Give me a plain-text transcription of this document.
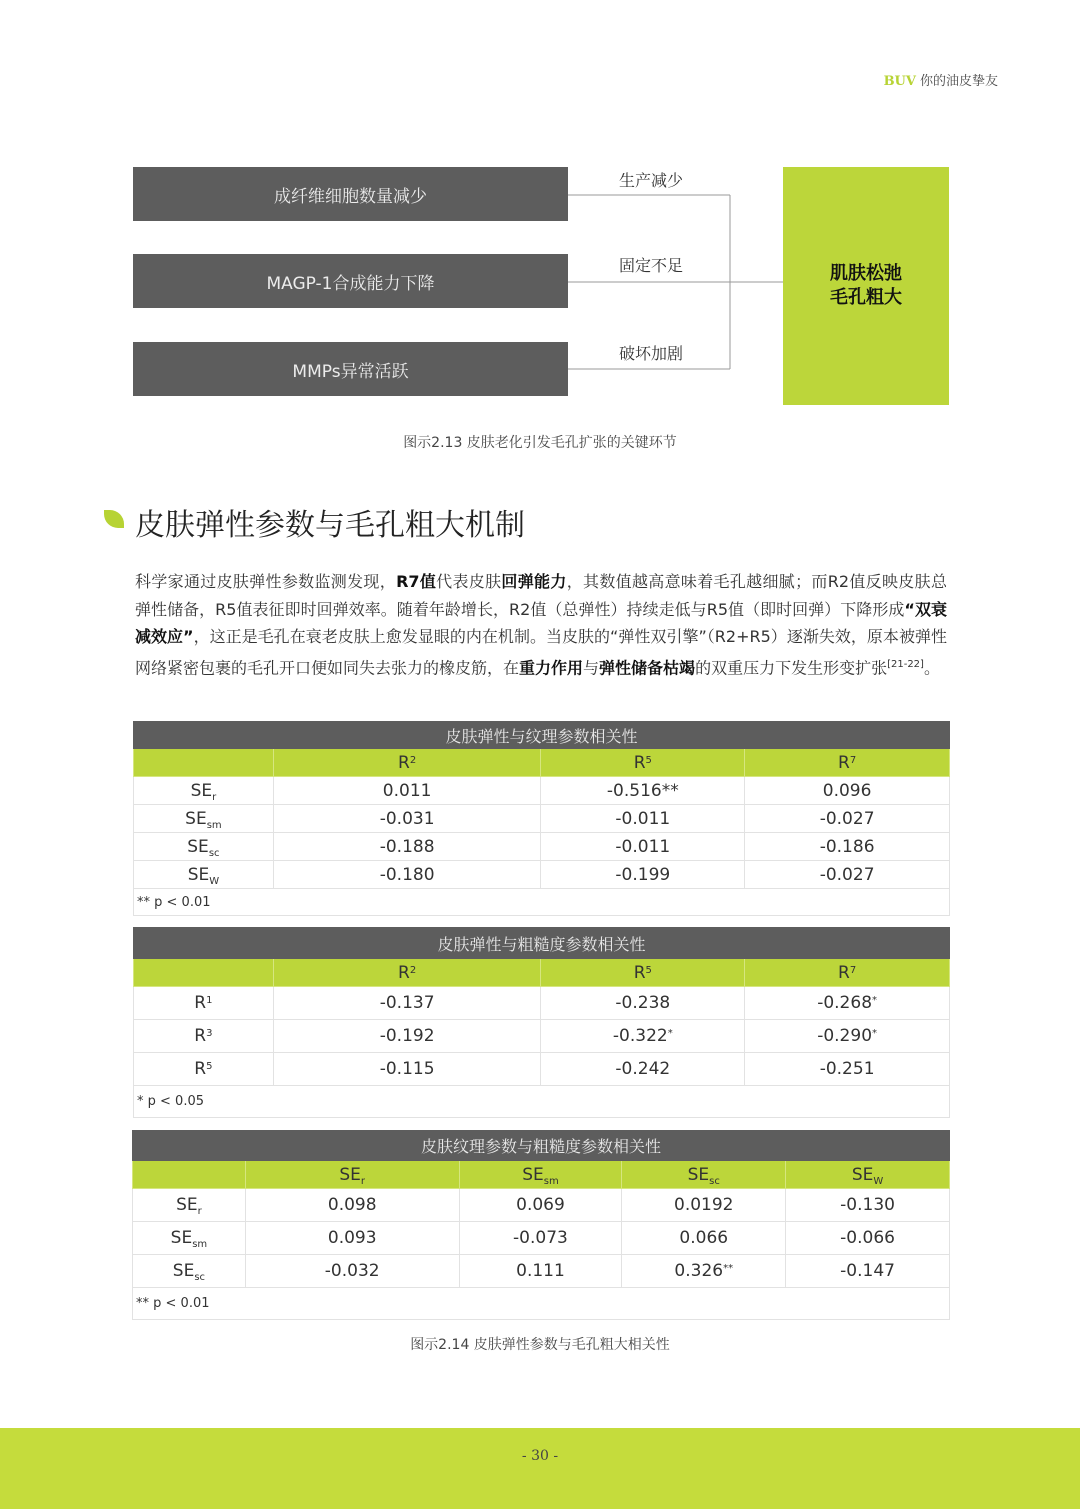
BUV 你的油皮挚友
成纤维细胞数量减少
MAGP-1合成能力下降
MMPs异常活跃
生产减少
固定不足
破坏加剧
肌肤松弛
毛孔粗大
图示2.13 皮肤老化引发毛孔扩张的关键环节
皮肤弹性参数与毛孔粗大机制
科学家通过皮肤弹性参数监测发现，R7值代表皮肤回弹能力，其数值越高意味着毛孔越细腻；而R2值反映皮肤总弹性储备，R5值表征即时回弹效率。随着年龄增长，R2值（总弹性）持续走低与R5值（即时回弹）下降形成“双衰减效应”，这正是毛孔在衰老皮肤上愈发显眼的内在机制。当皮肤的“弹性双引擎”（R2+R5）逐渐失效，原本被弹性网络紧密包裹的毛孔开口便如同失去张力的橡皮筋，在重力作用与弹性储备枯竭的双重压力下发生形变扩张[21-22]。
皮肤弹性与纹理参数相关性			
	$R^2$	$R^5$	$R^7$
$SE_r$	0.011	-0.516**	0.096
$SE_{sm}$	-0.031	-0.011	-0.027
$SE_{sc}$	-0.188	-0.011	-0.186
$SE_W$	-0.180	-0.199	-0.027
** p < 0.01			
皮肤弹性与粗糙度参数相关性			
	$R^2$	$R^5$	$R^7$
$R^1$	-0.137	-0.238	-0.268*
$R^3$	-0.192	-0.322*	-0.290*
$R^5$	-0.115	-0.242	-0.251
* p < 0.05			
皮肤纹理参数与粗糙度参数相关性				
	$SE_r$	$SE_{sm}$	$SE_{sc}$	$SE_W$
$SE_r$	0.098	0.069	0.0192	-0.130
$SE_{sm}$	0.093	-0.073	0.066	-0.066
$SE_{sc}$	-0.032	0.111	0.326**	-0.147
** p < 0.01				
图示2.14 皮肤弹性参数与毛孔粗大相关性
- 30 -
